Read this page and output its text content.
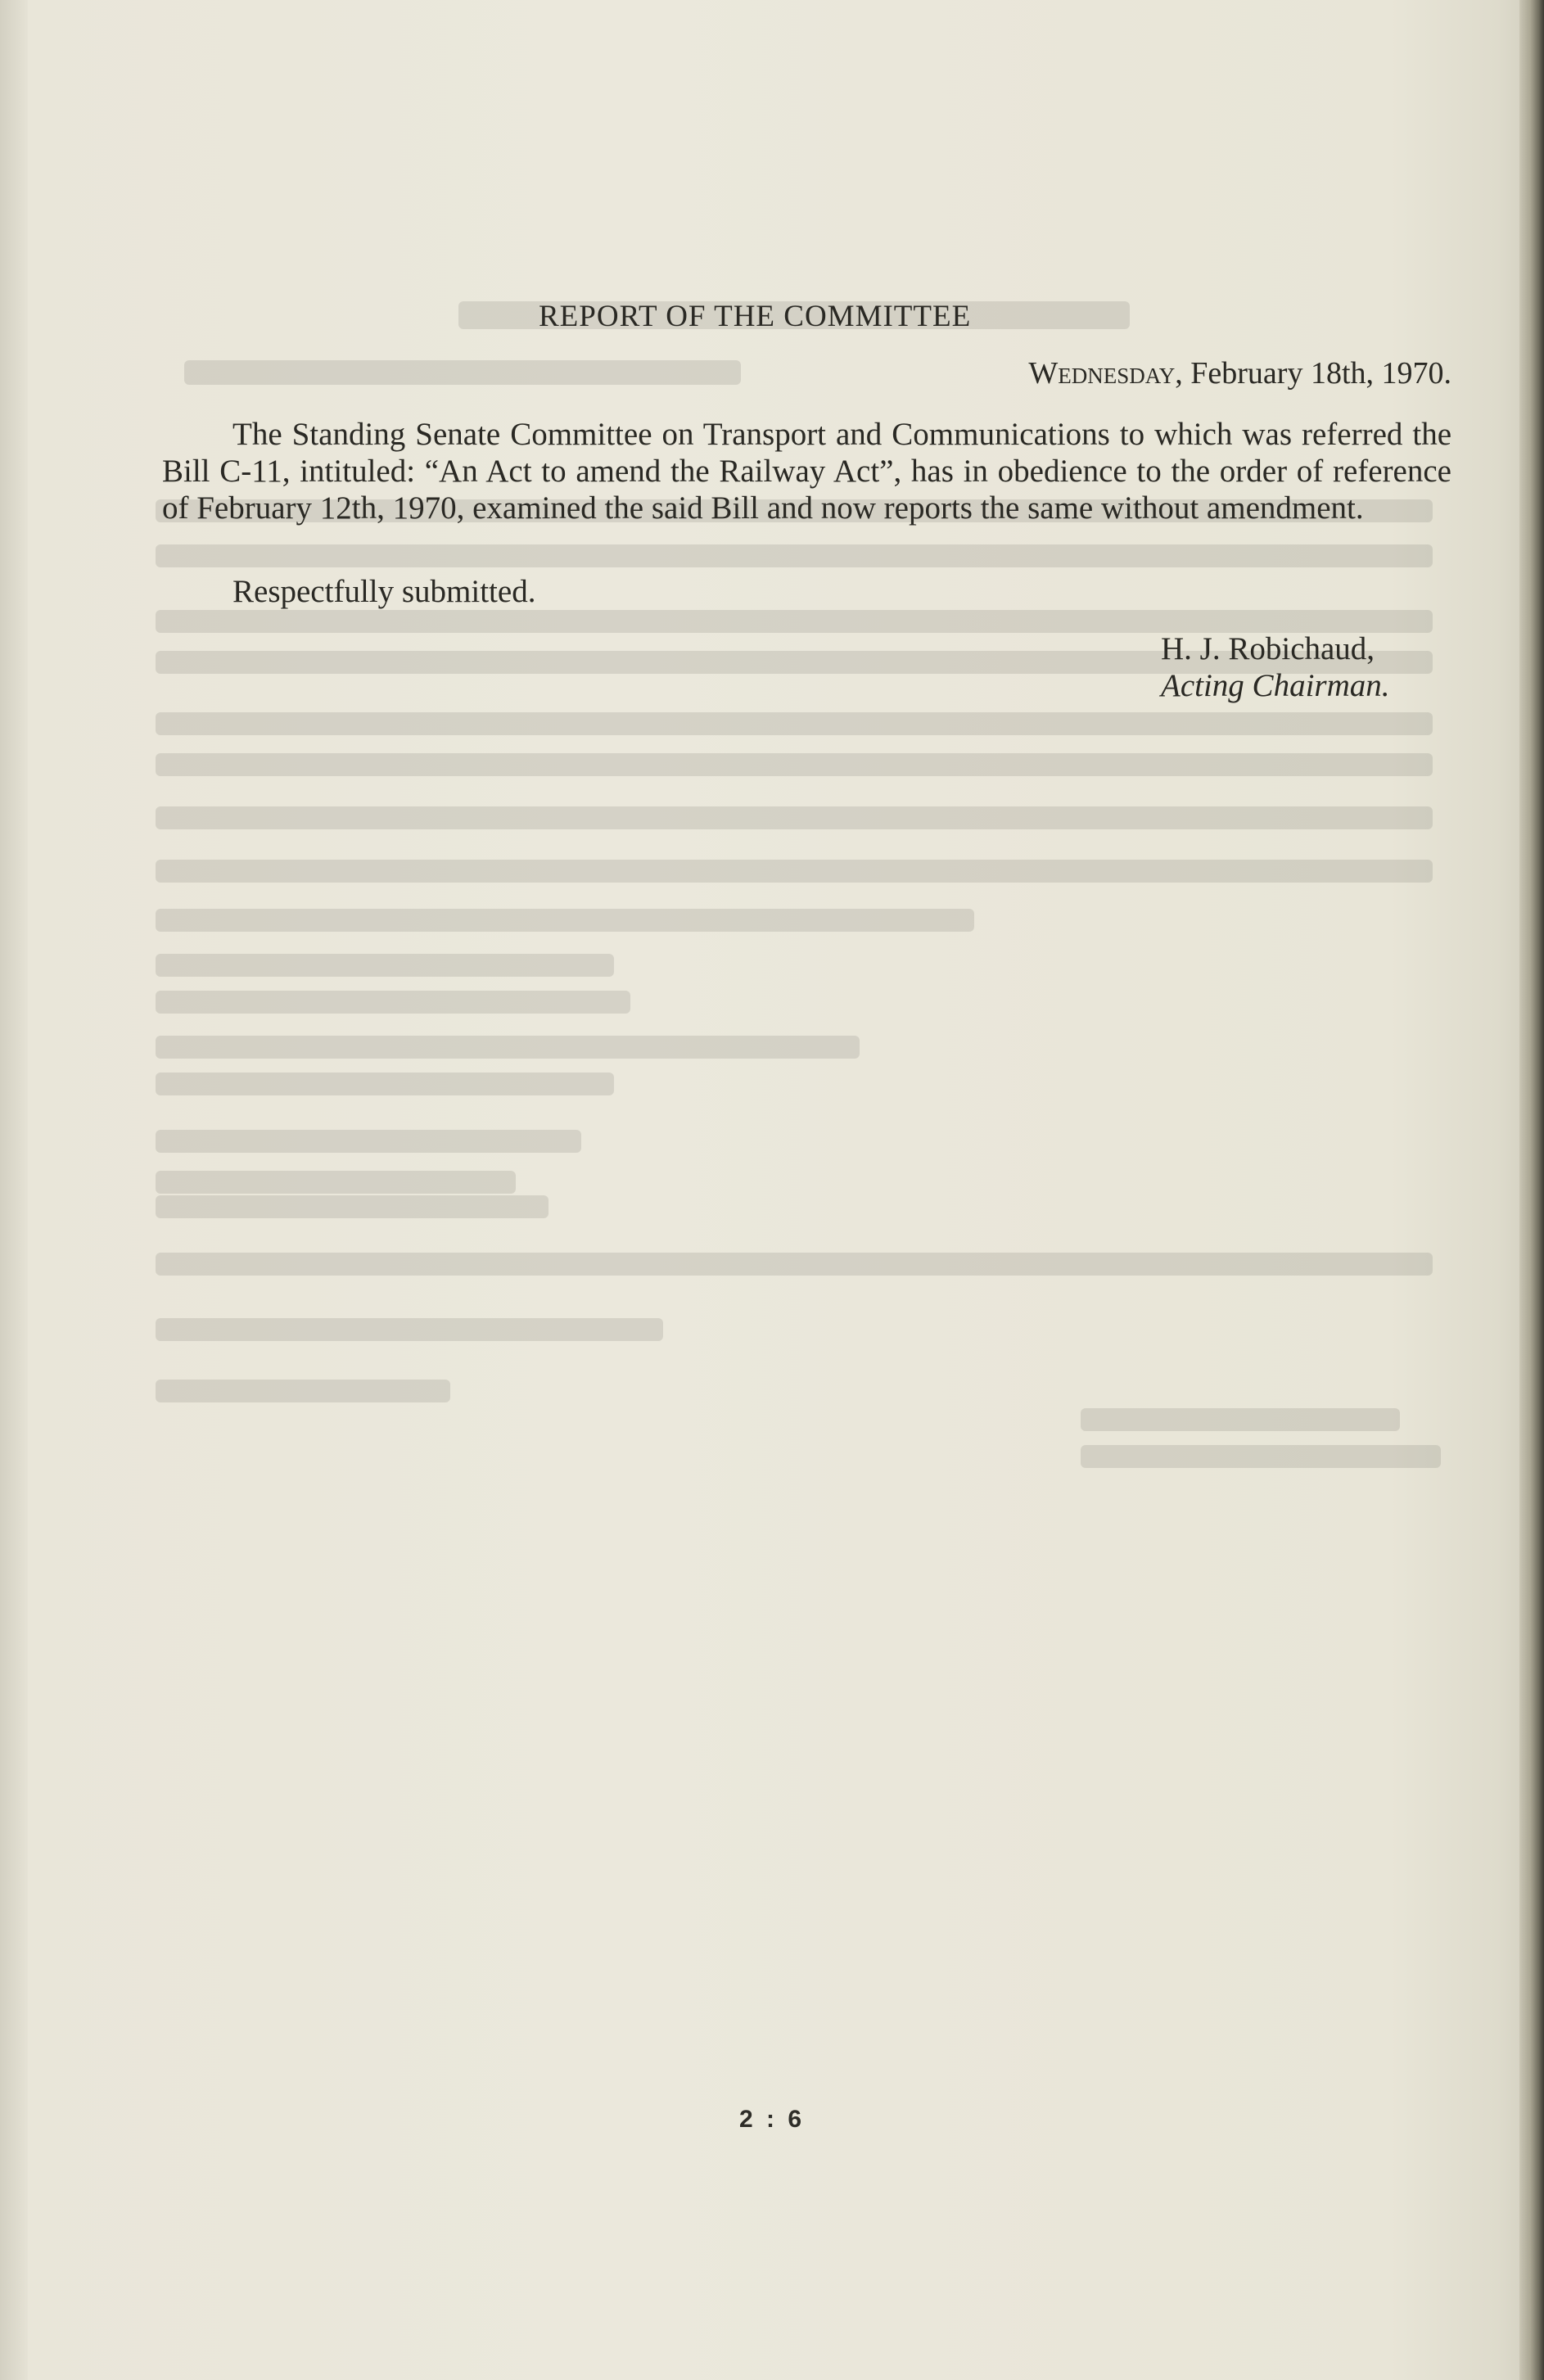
REPORT OF THE COMMITTEE
Wednesday, February 18th, 1970.

The Standing Senate Committee on Transport and Communications to which was referred the Bill C-11, intituled: “An Act to amend the Railway Act”, has in obedience to the order of reference of February 12th, 1970, examined the said Bill and now reports the same without amendment.

Respectfully submitted.
H. J. Robichaud,
Acting Chairman.
2 : 6
